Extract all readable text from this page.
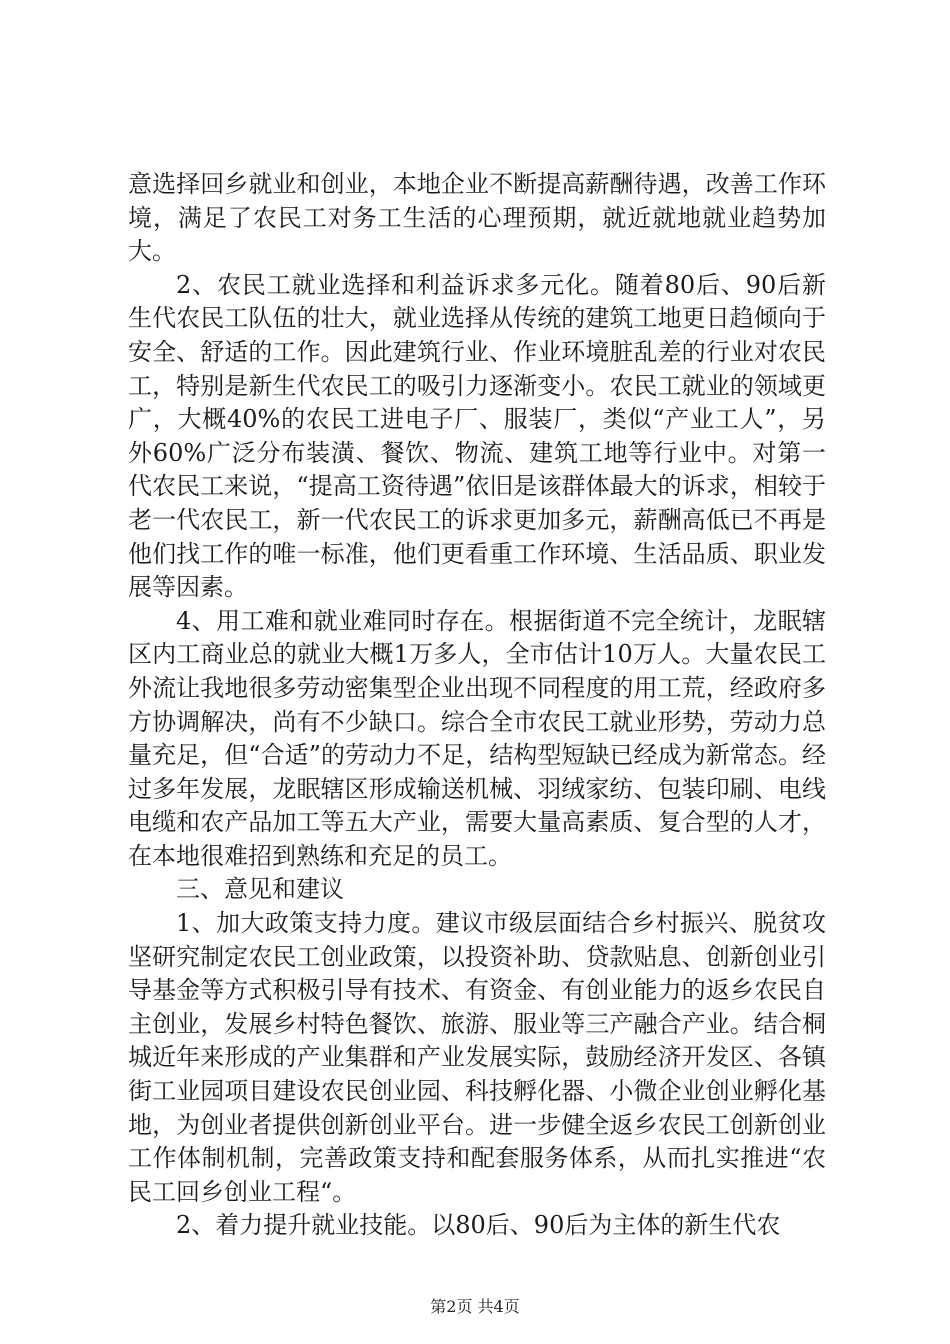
意选择回乡就业和创业，本地企业不断提高薪酬待遇，改善工作环境，满足了农民工对务工生活的心理预期，就近就地就业趋势加大。

2、农民工就业选择和利益诉求多元化。随着80后、90后新生代农民工队伍的壮大，就业选择从传统的建筑工地更日趋倾向于安全、舒适的工作。因此建筑行业、作业环境脏乱差的行业对农民工，特别是新生代农民工的吸引力逐渐变小。农民工就业的领域更广，大概40%的农民工进电子厂、服装厂，类似“产业工人”，另外60%广泛分布装潢、餐饮、物流、建筑工地等行业中。对第一代农民工来说，“提高工资待遇”依旧是该群体最大的诉求，相较于老一代农民工，新一代农民工的诉求更加多元，薪酬高低已不再是他们找工作的唯一标准，他们更看重工作环境、生活品质、职业发展等因素。

4、用工难和就业难同时存在。根据街道不完全统计，龙眠辖区内工商业总的就业大概1万多人，全市估计10万人。大量农民工外流让我地很多劳动密集型企业出现不同程度的用工荒，经政府多方协调解决，尚有不少缺口。综合全市农民工就业形势，劳动力总量充足，但“合适”的劳动力不足，结构型短缺已经成为新常态。经过多年发展，龙眠辖区形成输送机械、羽绒家纺、包装印刷、电线电缆和农产品加工等五大产业，需要大量高素质、复合型的人才，在本地很难招到熟练和充足的员工。

三、意见和建议

1、加大政策支持力度。建议市级层面结合乡村振兴、脱贫攻坚研究制定农民工创业政策，以投资补助、贷款贴息、创新创业引导基金等方式积极引导有技术、有资金、有创业能力的返乡农民自主创业，发展乡村特色餐饮、旅游、服业等三产融合产业。结合桐城近年来形成的产业集群和产业发展实际，鼓励经济开发区、各镇街工业园项目建设农民创业园、科技孵化器、小微企业创业孵化基地，为创业者提供创新创业平台。进一步健全返乡农民工创新创业工作体制机制，完善政策支持和配套服务体系，从而扎实推进“农民工回乡创业工程“。

2、着力提升就业技能。以80后、90后为主体的新生代农

第2页 共4页
